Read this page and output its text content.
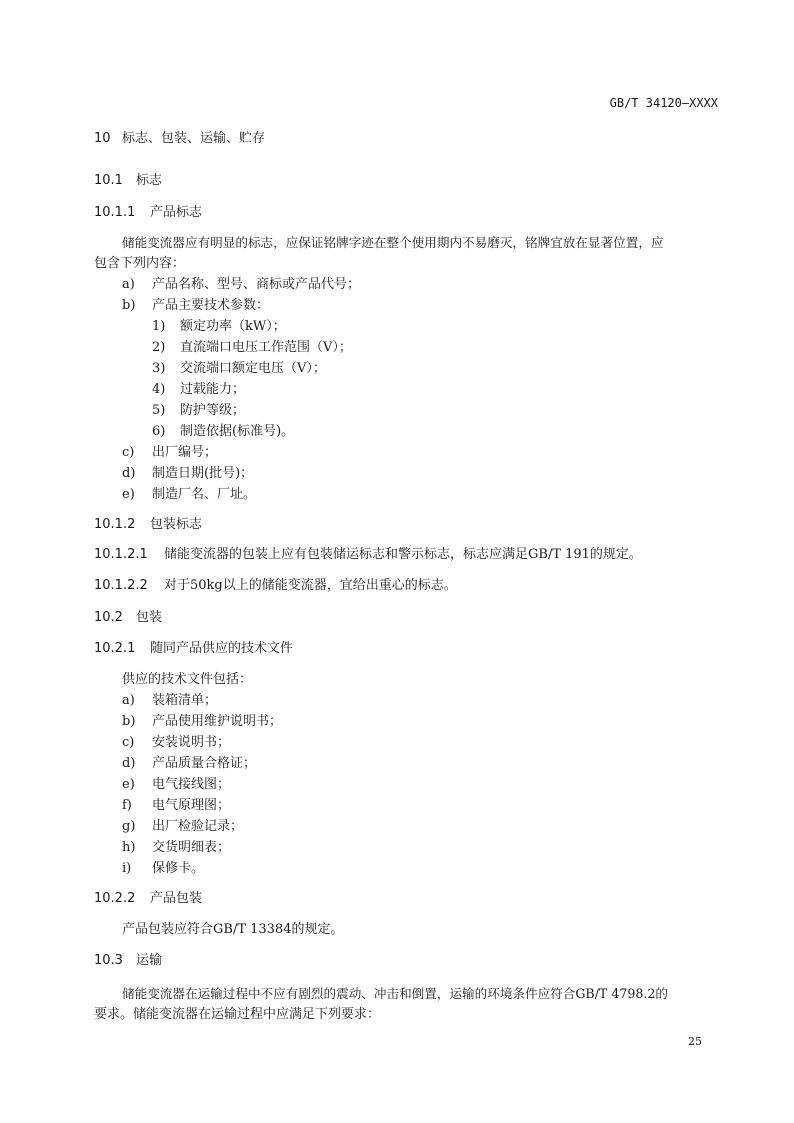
GB/T 34120—XXXX
10 标志、包装、运输、贮存
10.1 标志
10.1.1 产品标志
储能变流器应有明显的标志，应保证铭牌字迹在整个使用期内不易磨灭，铭牌宜放在显著位置，应
包含下列内容：
a) 产品名称、型号、商标或产品代号；
b) 产品主要技术参数：
1) 额定功率（kW）；
2) 直流端口电压工作范围（V）；
3) 交流端口额定电压（V）；
4) 过载能力；
5) 防护等级；
6) 制造依据(标准号)。
c) 出厂编号；
d) 制造日期(批号)；
e) 制造厂名、厂址。
10.1.2 包装标志
10.1.2.1 储能变流器的包装上应有包装储运标志和警示标志，标志应满足GB/T 191的规定。
10.1.2.2 对于50kg以上的储能变流器，宜给出重心的标志。
10.2 包装
10.2.1 随同产品供应的技术文件
供应的技术文件包括：
a) 装箱清单；
b) 产品使用维护说明书；
c) 安装说明书；
d) 产品质量合格证；
e) 电气接线图；
f) 电气原理图；
g) 出厂检验记录；
h) 交货明细表；
i) 保修卡。
10.2.2 产品包装
产品包装应符合GB/T 13384的规定。
10.3 运输
储能变流器在运输过程中不应有剧烈的震动、冲击和倒置，运输的环境条件应符合GB/T 4798.2的
要求。储能变流器在运输过程中应满足下列要求：
25
